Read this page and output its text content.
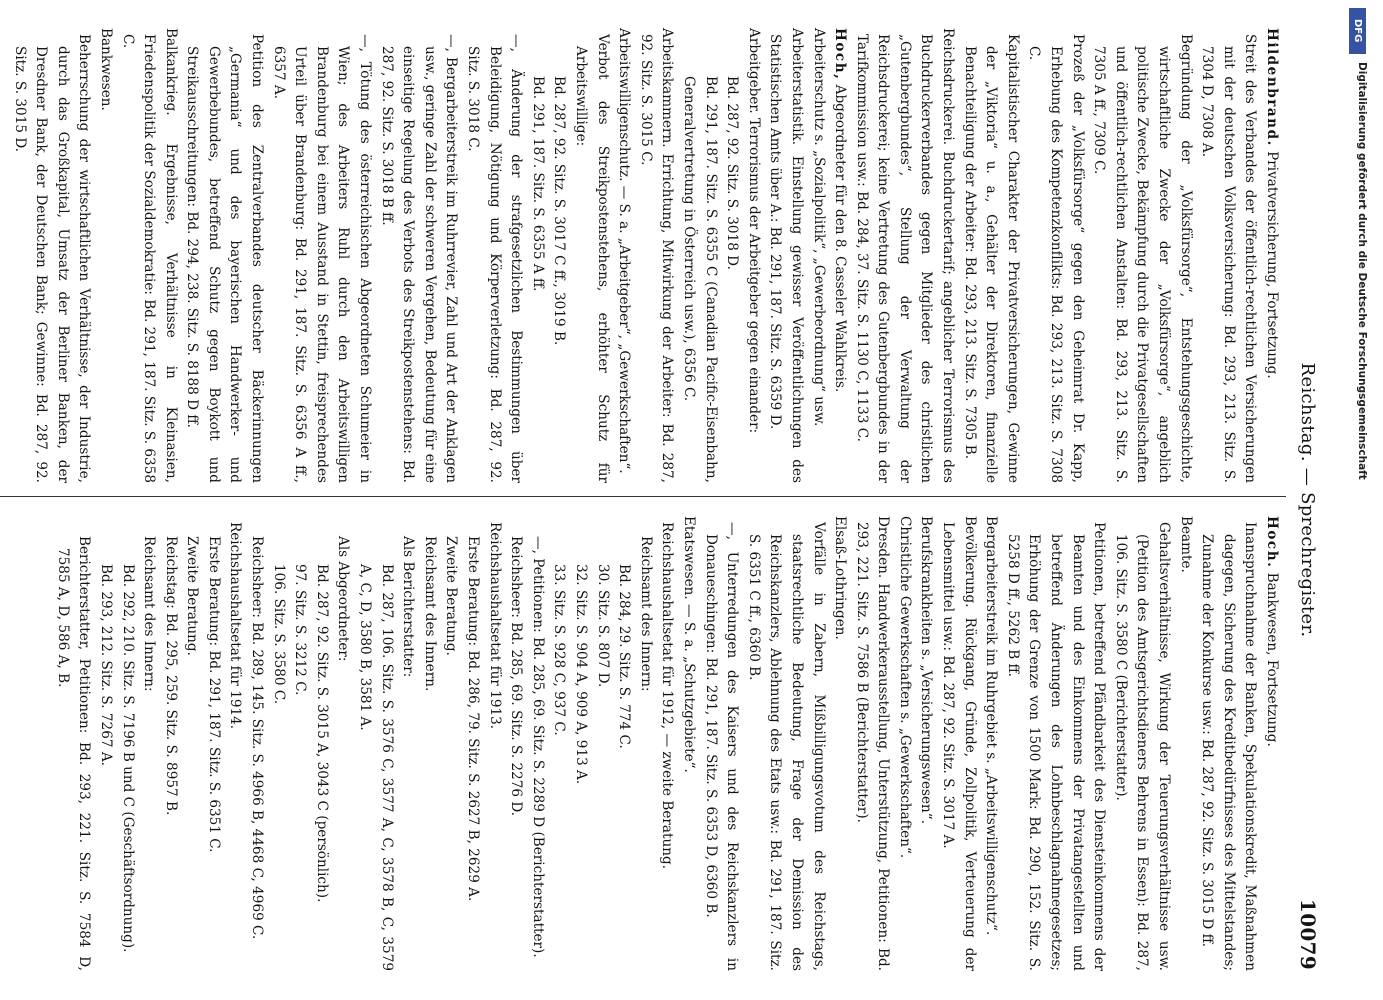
Reichstag. — Sprechregister.
10079

Hildenbrand. Privatversicherung, Fortsetzung.

Streit des Verbandes der öffentlich-rechtlichen Versicherungen mit der deutschen Volksversicherung: Bd. 293, 213. Sitz. S. 7304 D, 7308 A.

Begründung der „Volksfürsorge“, Entstehungsgeschichte, wirtschaftliche Zwecke der „Volksfürsorge“, angeblich politische Zwecke, Bekämpfung durch die Privatgesellschaften und öffentlich-rechtlichen Anstalten: Bd. 293, 213. Sitz. S. 7305 A ff., 7309 C.

Prozeß der „Volksfürsorge“ gegen den Geheimrat Dr. Kapp, Erhebung des Kompetenzkonflikts: Bd. 293, 213. Sitz. S. 7308 C.

Kapitalistischer Charakter der Privatversicherungen, Gewinne der „Viktoria“ u. a., Gehälter der Direktoren, finanzielle Benachteiligung der Arbeiter: Bd. 293, 213. Sitz. S. 7305 B.

Reichsdruckerei. Buchdruckertarif; angeblicher Terrorismus des Buchdruckerverbandes gegen Mitglieder des christlichen „Gutenbergbundes“, Stellung der Verwaltung der Reichsdruckerei; keine Vertretung des Gutenbergbundes in der Tarifkommission usw.: Bd. 284, 37. Sitz. S. 1130 C, 1133 C.

Hoch, Abgeordneter für den 8. Casseler Wahlkreis.

Arbeiterschutz s. „Sozialpolitik“, „Gewerbeordnung“ usw.

Arbeiterstatistik. Einstellung gewisser Veröffentlichungen des Statistischen Amts über A.: Bd. 291, 187. Sitz. S. 6359 D.

Arbeitgeber. Terrorismus der Arbeitgeber gegen einander:

Bd. 287, 92. Sitz. S. 3018 D.

Bd. 291, 187. Sitz. S. 6355 C (Canadian Pacific-Eisenbahn, Generalvertretung in Österreich usw.), 6356 C.

Arbeitskammern. Errichtung, Mitwirkung der Arbeiter: Bd. 287, 92. Sitz. S. 3015 C.

Arbeitswilligenschutz. — S. a. „Arbeitgeber“, „Gewerkschaften“.

Verbot des Streikpostenstehens, erhöhter Schutz für Arbeitswillige:

Bd. 287, 92. Sitz. S. 3017 C ff., 3019 B.

Bd. 291, 187. Sitz. S. 6355 A ff.

—, Änderung der strafgesetzlichen Bestimmungen über Beleidigung, Nötigung und Körperverletzung: Bd. 287, 92. Sitz. S. 3018 C.

—, Bergarbeiterstreik im Ruhrrevier, Zahl und Art der Anklagen usw., geringe Zahl der schweren Vergehen, Bedeutung für eine einseitige Regelung des Verbots des Streikpostenstehens: Bd. 287, 92. Sitz. S. 3018 B ff.

—, Tötung des österreichischen Abgeordneten Schumeier in Wien; des Arbeiters Ruhl durch den Arbeitswilligen Brandenburg bei einem Ausstand in Stettin, freisprechendes Urteil über Brandenburg: Bd. 291, 187. Sitz. S. 6356 A ff., 6357 A.

Petition des Zentralverbandes deutscher Bäckerinnungen „Germania“ und des bayerischen Handwerker- und Gewerbebundes, betreffend Schutz gegen Boykott und Streikausschreitungen: Bd. 294, 238. Sitz. S. 8188 D ff.

Balkankrieg. Ergebnisse, Verhältnisse in Kleinasien, Friedenspolitik der Sozialdemokratie: Bd. 291, 187. Sitz. S. 6358 C.

Bankwesen.

Beherrschung der wirtschaftlichen Verhältnisse, der Industrie, durch das Großkapital, Umsatz der Berliner Banken, der Dresdner Bank, der Deutschen Bank; Gewinne: Bd. 287, 92. Sitz. S. 3015 D.

Hoch. Bankwesen, Fortsetzung.

Inanspruchnahme der Banken, Spekulationskredit, Maßnahmen dagegen, Sicherung des Kreditbedürfnisses des Mittelstandes; Zunahme der Konkurse usw.: Bd. 287, 92. Sitz. S. 3015 D ff.

Beamte.

Gehaltsverhältnisse, Wirkung der Teuerungsverhältnisse usw. (Petition des Amtsgerichtsdieners Behrens in Essen): Bd. 287, 106. Sitz. S. 3580 C (Berichterstatter).

Petitionen, betreffend Pfändbarkeit des Diensteinkommens der Beamten und des Einkommens der Privatangestellten und betreffend Änderungen des Lohnbeschlagnahmegesetzes; Erhöhung der Grenze von 1500 Mark: Bd. 290, 152. Sitz. S. 5258 D ff., 5262 B ff.

Bergarbeiterstreik im Ruhrgebiet s. „Arbeitswilligenschutz“.

Bevölkerung. Rückgang, Gründe, Zollpolitik, Verteuerung der Lebensmittel usw.: Bd. 287, 92. Sitz. S. 3017 A.

Berufskrankheiten s. „Versicherungswesen“.

Christliche Gewerkschaften s. „Gewerkschaften“.

Dresden. Handwerkerausstellung, Unterstützung, Petitionen: Bd. 293, 221. Sitz. S. 7586 B (Berichterstatter).

Elsaß-Lothringen.

Vorfälle in Zabern, Mißbilligungsvotum des Reichstags, staatsrechtliche Bedeutung, Frage der Demission des Reichskanzlers, Ablehnung des Etats usw.: Bd. 291, 187. Sitz. S. 6351 C ff., 6360 B.

—, Unterredungen des Kaisers und des Reichskanzlers in Donaueschingen: Bd. 291, 187. Sitz. S. 6353 D, 6360 B.

Etatswesen. — S. a. „Schutzgebiete“.

Reichshaushaltsetat für 1912, — zweite Beratung.

Reichsamt des Innern:

Bd. 284, 29. Sitz. S. 774 C.

30. Sitz. S. 807 D.

32. Sitz. S. 904 A, 909 A, 913 A.

33. Sitz. S. 928 C, 937 C.

—, Petitionen: Bd. 285, 69. Sitz. S. 2289 D (Berichterstatter).

Reichsheer: Bd. 285, 69. Sitz. S. 2276 D.

Reichshaushaltsetat für 1913.

Erste Beratung: Bd. 286, 79. Sitz. S. 2627 B, 2629 A.

Zweite Beratung.

Reichsamt des Innern.

Als Berichterstatter:

Bd. 287, 106. Sitz. S. 3576 C, 3577 A, C, 3578 B, C, 3579 A, C, D, 3580 B, 3581 A.

Als Abgeordneter:

Bd. 287, 92. Sitz. S. 3015 A, 3043 C (persönlich).

97. Sitz. S. 3212 C.

106. Sitz. S. 3580 C.

Reichsheer: Bd. 289, 145. Sitz. S. 4966 B, 4468 C, 4969 C.

Reichshaushaltsetat für 1914.

Erste Beratung: Bd. 291, 187. Sitz. S. 6351 C.

Zweite Beratung.

Reichstag: Bd. 295, 259. Sitz. S. 8957 B.

Reichsamt des Innern:

Bd. 292, 210. Sitz. S. 7196 B und C (Geschäftsordnung).

Bd. 293, 212. Sitz. S. 7267 A.

Berichterstatter, Petitionen: Bd. 293, 221. Sitz. S. 7584 D, 7585 A, D, 586 A, B.

DFG
Digitalisierung gefördert durch die Deutsche Forschungsgemeinschaft
